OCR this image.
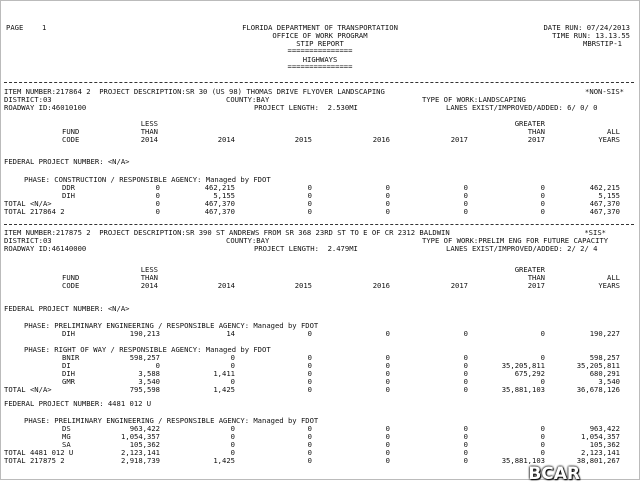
PAGE	1	FLORIDA DEPARTMENT OF TRANSPORTATION
OFFICE OF WORK PROGRAM
STIP REPORT
===============
HIGHWAYS
===============
DATE RUN: 07/24/2013
TIME RUN: 13.13.55
MBRSTIP-1
ITEM NUMBER:217864 2  PROJECT DESCRIPTION:SR 30 (US 98) THOMAS DRIVE FLYOVER LANDSCAPING	*NON-SIS*
DISTRICT:03	COUNTY:BAY	TYPE OF WORK:LANDSCAPING
ROADWAY ID:46010100	PROJECT LENGTH:  2.530MI	LANES EXIST/IMPROVED/ADDED: 6/ 0/ 0
FUND
CODE
LESS
THAN
2014	2014	2015	2016	2017
GREATER
THAN
2017
ALL
YEARS
FEDERAL PROJECT NUMBER: <N/A>
PHASE: CONSTRUCTION / RESPONSIBLE AGENCY: Managed by FDOT
DDR	0	462,215	0	0	0	0	462,215
DIH	0	5,155	0	0	0	0	5,155
TOTAL <N/A>	0	467,370	0	0	0	0	467,370
TOTAL 217864 2	0	467,370	0	0	0	0	467,370
ITEM NUMBER:217875 2  PROJECT DESCRIPTION:SR 390 ST ANDREWS FROM SR 368 23RD ST TO E OF CR 2312 BALDWIN	*SIS*
DISTRICT:03	COUNTY:BAY	TYPE OF WORK:PRELIM ENG FOR FUTURE CAPACITY
ROADWAY ID:46140000	PROJECT LENGTH:  2.479MI	LANES EXIST/IMPROVED/ADDED: 2/ 2/ 4
FUND
CODE
LESS
THAN
2014	2014	2015	2016	2017
GREATER
THAN
2017
ALL
YEARS
FEDERAL PROJECT NUMBER: <N/A>
PHASE: PRELIMINARY ENGINEERING / RESPONSIBLE AGENCY: Managed by FDOT
DIH	190,213	14	0	0	0	0	190,227
PHASE: RIGHT OF WAY / RESPONSIBLE AGENCY: Managed by FDOT
BNIR	598,257	0	0	0	0	0	598,257
DI	0	0	0	0	0	35,205,811	35,205,811
DIH	3,588	1,411	0	0	0	675,292	680,291
GMR	3,540	0	0	0	0	0	3,540
TOTAL <N/A>	795,598	1,425	0	0	0	35,881,103	36,678,126
FEDERAL PROJECT NUMBER: 4481 012 U
PHASE: PRELIMINARY ENGINEERING / RESPONSIBLE AGENCY: Managed by FDOT
DS	963,422	0	0	0	0	0	963,422
MG	1,054,357	0	0	0	0	0	1,054,357
SA	105,362	0	0	0	0	0	105,362
TOTAL 4481 012 U	2,123,141	0	0	0	0	0	2,123,141
TOTAL 217875 2	2,918,739	1,425	0	0	0	35,881,103	38,801,267
BCAR
